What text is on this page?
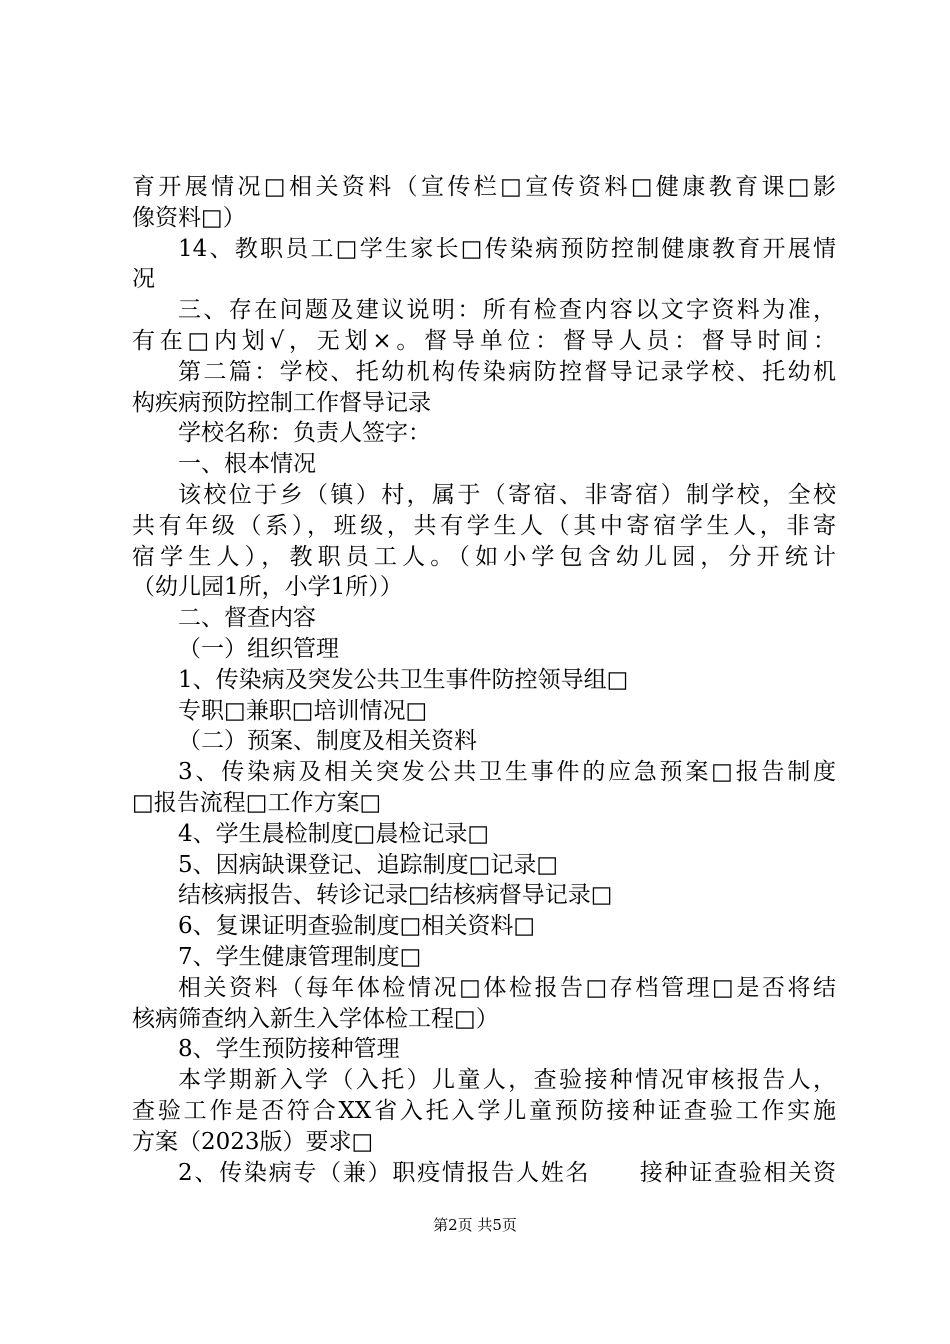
育开展情况□相关资料（宣传栏□宣传资料□健康教育课□影
像资料□）
14、教职员工□学生家长□传染病预防控制健康教育开展情
况
三、存在问题及建议说明：所有检查内容以文字资料为准，
有在□内划√，无划×。督导单位：督导人员：督导时间：
第二篇：学校、托幼机构传染病防控督导记录学校、托幼机
构疾病预防控制工作督导记录
学校名称：负责人签字：
一、根本情况
该校位于乡（镇）村，属于（寄宿、非寄宿）制学校，全校
共有年级（系），班级，共有学生人（其中寄宿学生人，非寄
宿学生人），教职员工人。（如小学包含幼儿园，分开统计
（幼儿园1所，小学1所））
二、督查内容
（一）组织管理
1、传染病及突发公共卫生事件防控领导组□
专职□兼职□培训情况□
（二）预案、制度及相关资料
3、传染病及相关突发公共卫生事件的应急预案□报告制度
□报告流程□工作方案□
4、学生晨检制度□晨检记录□
5、因病缺课登记、追踪制度□记录□
结核病报告、转诊记录□结核病督导记录□
6、复课证明查验制度□相关资料□
7、学生健康管理制度□
相关资料（每年体检情况□体检报告□存档管理□是否将结
核病筛查纳入新生入学体检工程□）
8、学生预防接种管理
本学期新入学（入托）儿童人，查验接种情况审核报告人，
查验工作是否符合XX省入托入学儿童预防接种证查验工作实施
方案（2023版）要求□
2、传染病专（兼）职疫情报告人姓名　　接种证查验相关资
第2页 共5页
